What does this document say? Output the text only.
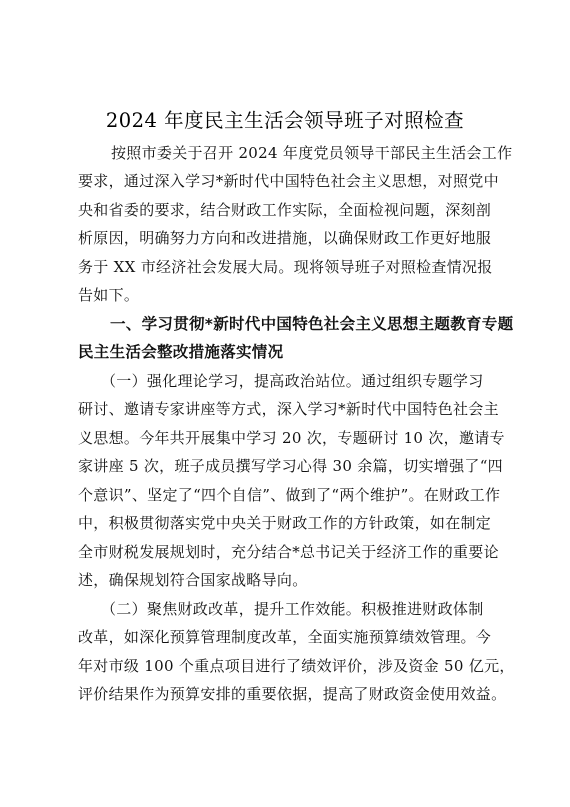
2024 年度民主生活会领导班子对照检查
按照市委关于召开 2024 年度党员领导干部民主生活会工作
要求，通过深入学习*新时代中国特色社会主义思想，对照党中
央和省委的要求，结合财政工作实际，全面检视问题，深刻剖
析原因，明确努力方向和改进措施，以确保财政工作更好地服
务于 XX 市经济社会发展大局。现将领导班子对照检查情况报
告如下。
一、学习贯彻*新时代中国特色社会主义思想主题教育专题
民主生活会整改措施落实情况
（一）强化理论学习，提高政治站位。通过组织专题学习
研讨、邀请专家讲座等方式，深入学习*新时代中国特色社会主
义思想。今年共开展集中学习 20 次，专题研讨 10 次，邀请专
家讲座 5 次，班子成员撰写学习心得 30 余篇，切实增强了“四
个意识”、坚定了“四个自信”、做到了“两个维护”。在财政工作
中，积极贯彻落实党中央关于财政工作的方针政策，如在制定
全市财税发展规划时，充分结合*总书记关于经济工作的重要论
述，确保规划符合国家战略导向。
（二）聚焦财政改革，提升工作效能。积极推进财政体制
改革，如深化预算管理制度改革，全面实施预算绩效管理。今
年对市级 100 个重点项目进行了绩效评价，涉及资金 50 亿元，
评价结果作为预算安排的重要依据，提高了财政资金使用效益。
